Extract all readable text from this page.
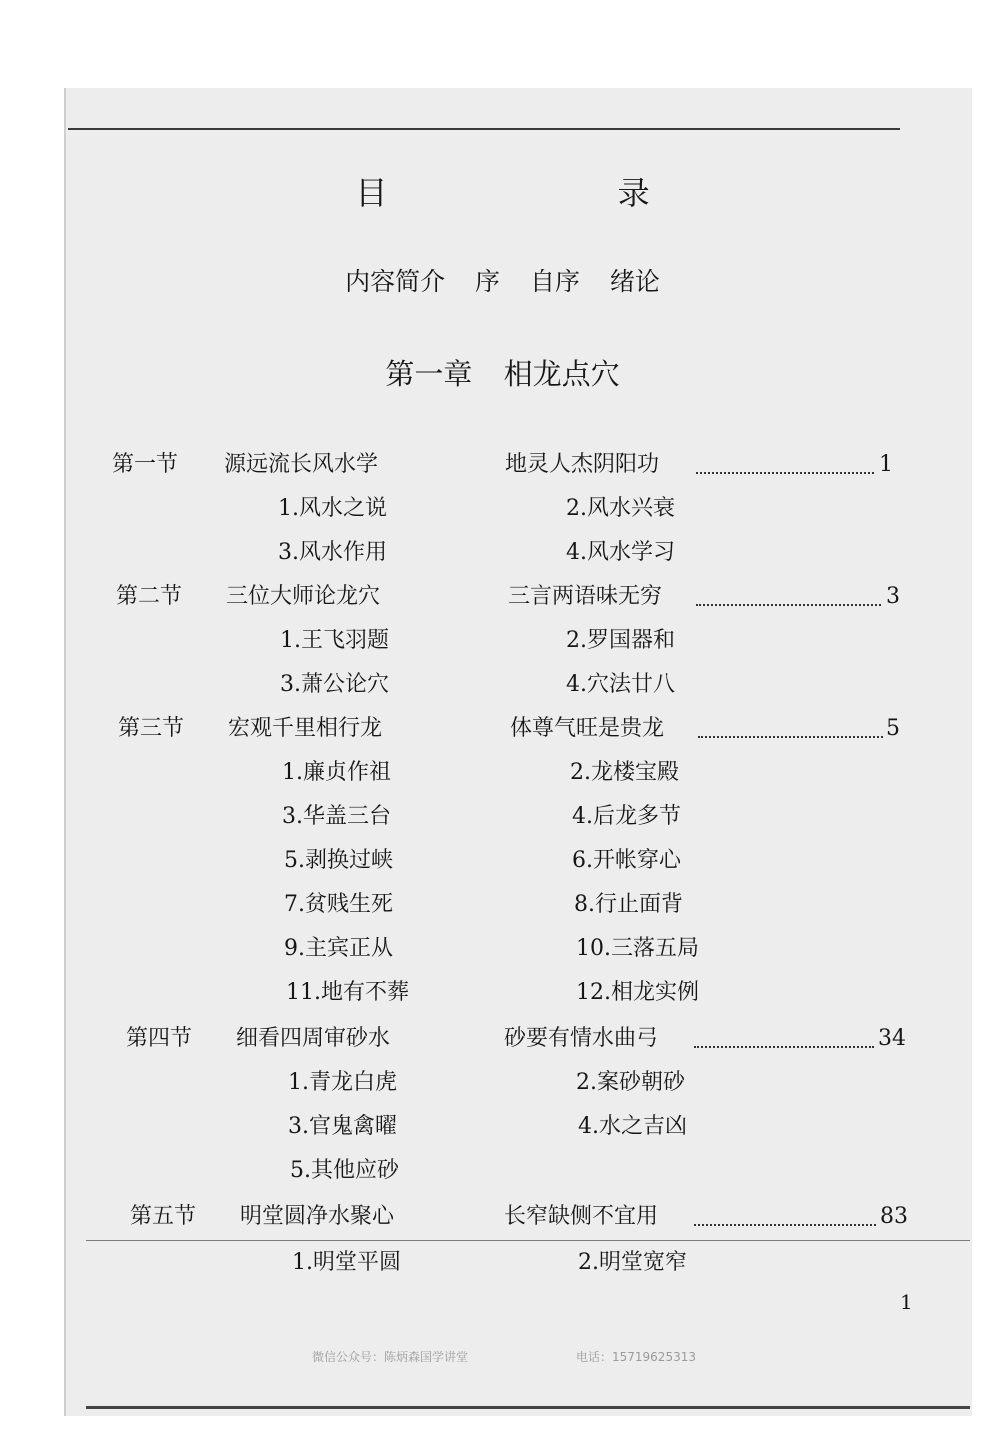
目 录
内容简介 序 自序 绪论
第一章 相龙点穴
第一节 源远流长风水学	地灵人杰阴阳功	1
1.风水之说	2.风水兴衰
3.风水作用	4.风水学习
第二节 三位大师论龙穴	三言两语味无穷	3
1.王飞羽题	2.罗国器和
3.萧公论穴	4.穴法廿八
第三节 宏观千里相行龙	体尊气旺是贵龙	5
1.廉贞作祖	2.龙楼宝殿
3.华盖三台	4.后龙多节
5.剥换过峡	6.开帐穿心
7.贫贱生死	8.行止面背
9.主宾正从	10.三落五局
11.地有不葬	12.相龙实例
第四节 细看四周审砂水	砂要有情水曲弓	34
1.青龙白虎	2.案砂朝砂
3.官鬼禽曜	4.水之吉凶
5.其他应砂
第五节 明堂圆净水聚心	长窄缺侧不宜用	83
1.明堂平圆	2.明堂宽窄
1
微信公众号：陈炳森国学讲堂	电话：15719625313
